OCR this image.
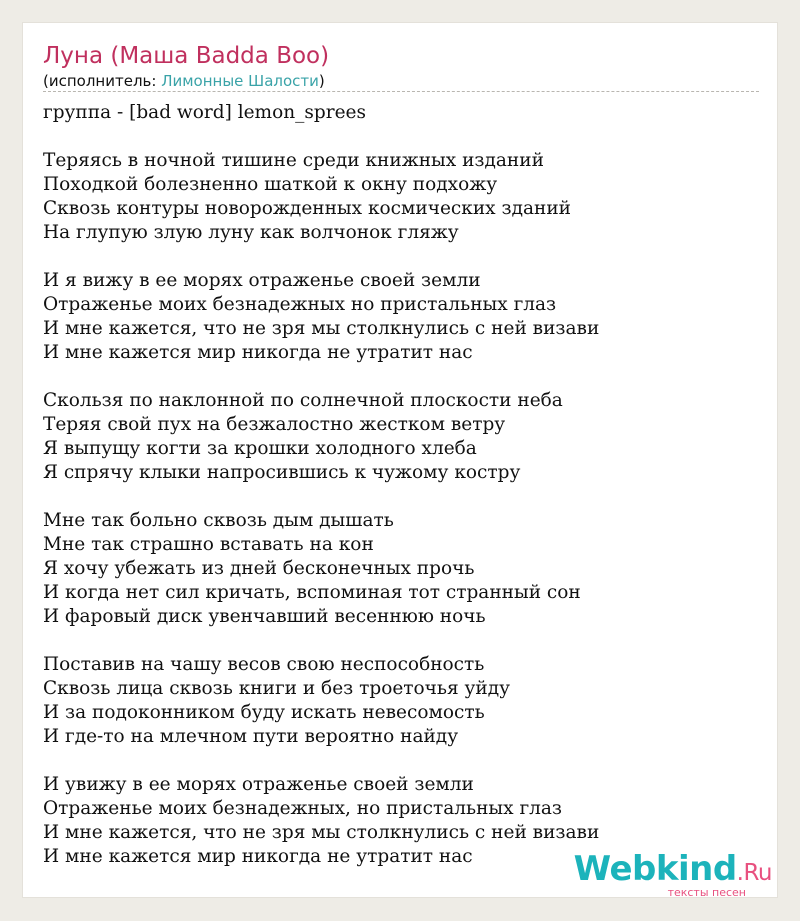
Луна (Маша Badda Boo)
(исполнитель: Лимонные Шалости)
группа - [bad word] lemon_sprees
Теряясь в ночной тишине среди книжных изданий
Походкой болезненно шаткой к окну подхожу
Сквозь контуры новорожденных космических зданий
На глупую злую луну как волчонок гляжу
И я вижу в ее морях отраженье своей земли
Отраженье моих безнадежных но пристальных глаз
И мне кажется, что не зря мы столкнулись с ней визави
И мне кажется мир никогда не утратит нас
Скользя по наклонной по солнечной плоскости неба
Теряя свой пух на безжалостно жестком ветру
Я выпущу когти за крошки холодного хлеба
Я спрячу клыки напросившись к чужому костру
Мне так больно сквозь дым дышать
Мне так страшно вставать на кон
Я хочу убежать из дней бесконечных прочь
И когда нет сил кричать, вспоминая тот странный сон
И фаровый диск увенчавший весеннюю ночь
Поставив на чашу весов свою неспособность
Сквозь лица сквозь книги и без троеточья уйду
И за подоконником буду искать невесомость
И где-то на млечном пути вероятно найду
И увижу в ее морях отраженье своей земли
Отраженье моих безнадежных, но пристальных глаз
И мне кажется, что не зря мы столкнулись с ней визави
И мне кажется мир никогда не утратит нас	Webkind.Ru
тексты песен
